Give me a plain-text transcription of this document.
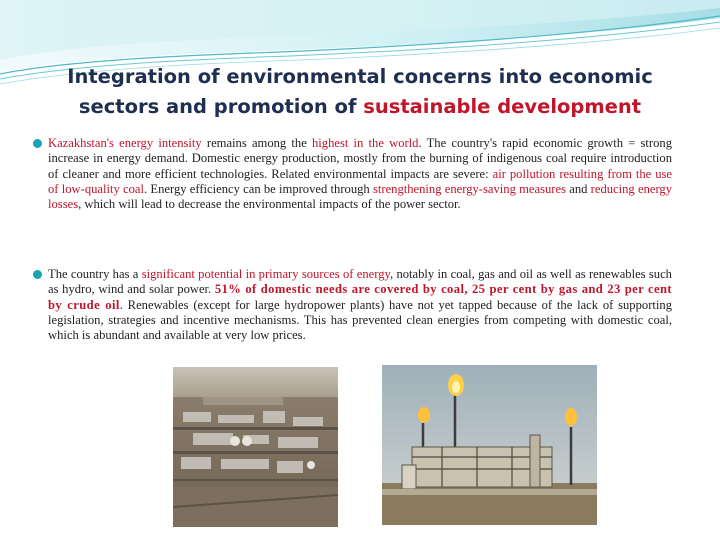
Integration of environmental concerns into economic sectors and promotion of sustainable development

Kazakhstan's energy intensity remains among the highest in the world. The country's rapid economic growth = strong increase in energy demand. Domestic energy production, mostly from the burning of indigenous coal require introduction of cleaner and more efficient technologies. Related environmental impacts are severe: air pollution resulting from the use of low-quality coal. Energy efficiency can be improved through strengthening energy-saving measures and reducing energy losses, which will lead to decrease the environmental impacts of the power sector.

The country has a significant potential in primary sources of energy, notably in coal, gas and oil as well as renewables such as hydro, wind and solar power. 51% of domestic needs are covered by coal, 25 per cent by gas and 23 per cent by crude oil. Renewables (except for large hydropower plants) have not yet tapped because of the lack of supporting legislation, strategies and incentive mechanisms. This has prevented clean energies from competing with domestic coal, which is abundant and available at very low prices.
